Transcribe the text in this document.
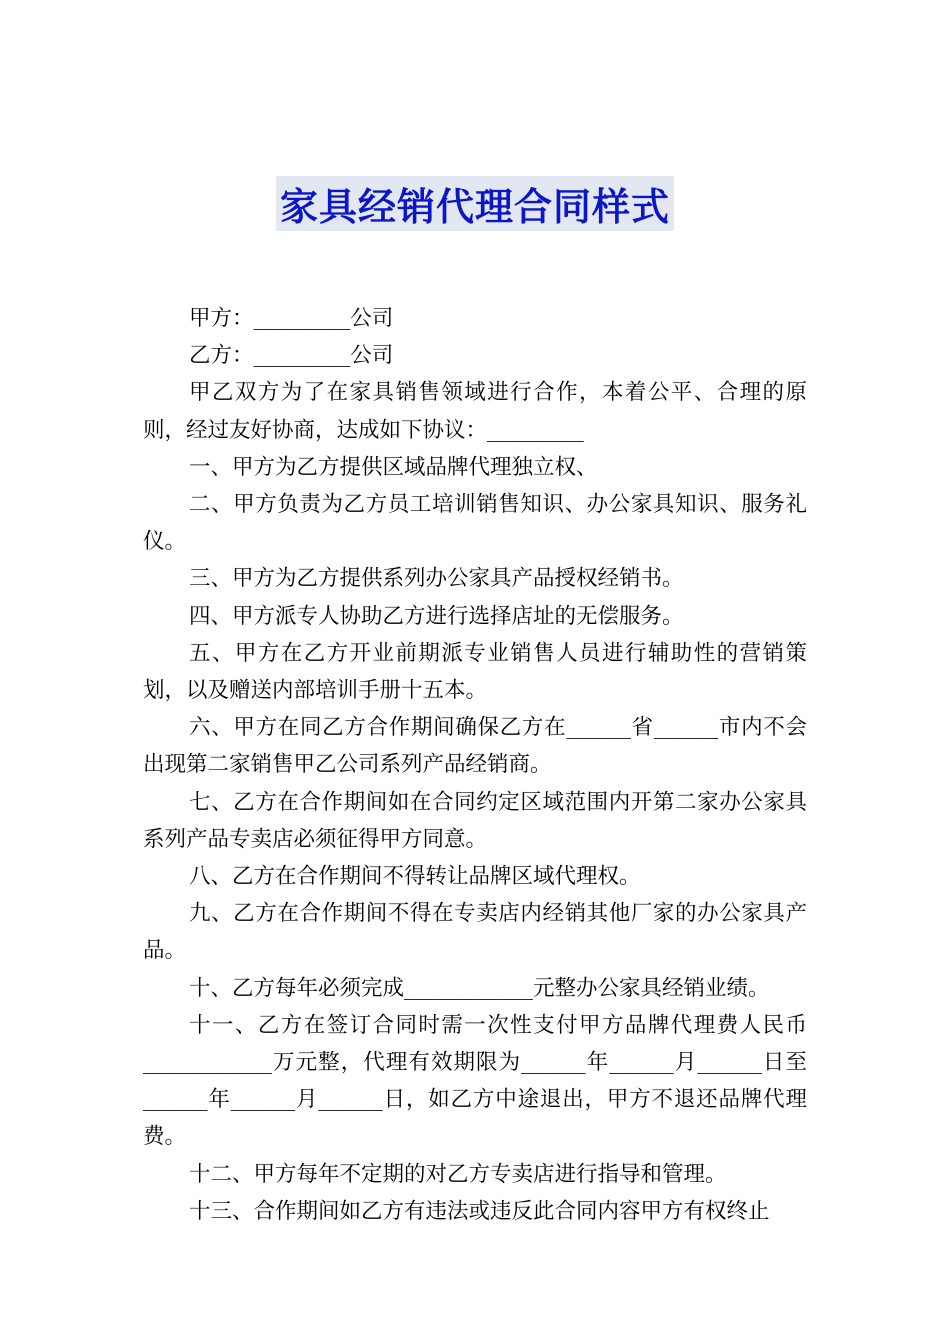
家具经销代理合同样式

甲方：_________公司

乙方：_________公司

甲乙双方为了在家具销售领域进行合作，本着公平、合理的原则，经过友好协商，达成如下协议：_________

一、甲方为乙方提供区域品牌代理独立权、

二、甲方负责为乙方员工培训销售知识、办公家具知识、服务礼仪。

三、甲方为乙方提供系列办公家具产品授权经销书。

四、甲方派专人协助乙方进行选择店址的无偿服务。

五、甲方在乙方开业前期派专业销售人员进行辅助性的营销策划，以及赠送内部培训手册十五本。

六、甲方在同乙方合作期间确保乙方在______省______市内不会出现第二家销售甲乙公司系列产品经销商。

七、乙方在合作期间如在合同约定区域范围内开第二家办公家具系列产品专卖店必须征得甲方同意。

八、乙方在合作期间不得转让品牌区域代理权。

九、乙方在合作期间不得在专卖店内经销其他厂家的办公家具产品。

十、乙方每年必须完成____________元整办公家具经销业绩。

十一、乙方在签订合同时需一次性支付甲方品牌代理费人民币____________万元整，代理有效期限为______年______月______日至______年______月______日，如乙方中途退出，甲方不退还品牌代理费。

十二、甲方每年不定期的对乙方专卖店进行指导和管理。

十三、合作期间如乙方有违法或违反此合同内容甲方有权终止
